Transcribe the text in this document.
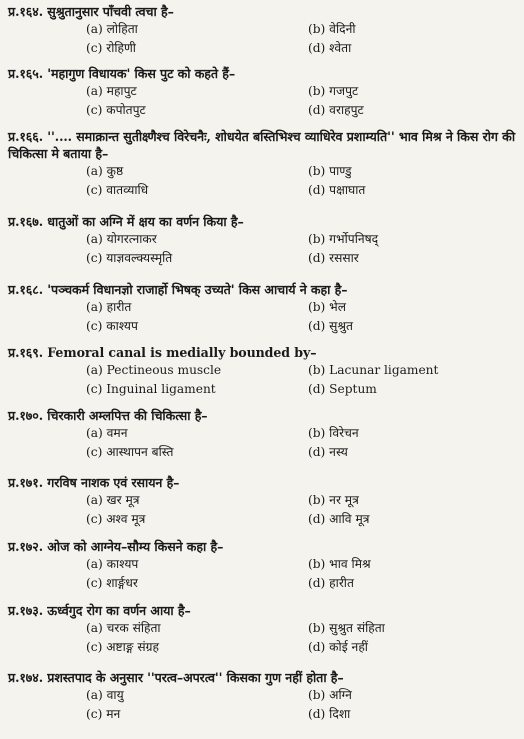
प्र.१६४. सुश्रुतानुसार पाँचवी त्वचा है–
(a) लोहिता	(b) वेदिनी
(c) रोहिणी	(d) श्वेता
प्र.१६५. 'महागुण विधायक' किस पुट को कहते हैं–
(a) महापुट	(b) गजपुट
(c) कपोतपुट	(d) वराहपुट
प्र.१६६. ''.... समाक्रान्त सुतीक्ष्णैश्च विरेचनैः, शोधयेत बस्तिभिश्च व्याधिरेव प्रशाम्यति'' भाव मिश्र ने किस रोग की चिकित्सा मे बताया है–
(a) कुष्ठ	(b) पाण्डु
(c) वातव्याधि	(d) पक्षाघात
प्र.१६७. धातुओं का अग्नि में क्षय का वर्णन किया है–
(a) योगरत्नाकर	(b) गर्भोपनिषद्
(c) याज्ञवल्क्यस्मृति	(d) रससार
प्र.१६८. 'पञ्चकर्म विधानज्ञो राजार्हो भिषक् उच्यते' किस आचार्य ने कहा है–
(a) हारीत	(b) भेल
(c) काश्यप	(d) सुश्रुत
प्र.१६९. Femoral canal is medially bounded by–
(a) Pectineous muscle	(b) Lacunar ligament
(c) Inguinal ligament	(d) Septum
प्र.१७०. चिरकारी अम्लपित्त की चिकित्सा है–
(a) वमन	(b) विरेचन
(c) आस्थापन बस्ति	(d) नस्य
प्र.१७१. गरविष नाशक एवं रसायन है–
(a) खर मूत्र	(b) नर मूत्र
(c) अश्व मूत्र	(d) आवि मूत्र
प्र.१७२. ओज को आग्नेय–सौम्य किसने कहा है–
(a) काश्यप	(b) भाव मिश्र
(c) शार्ङ्गधर	(d) हारीत
प्र.१७३. ऊर्ध्वगुद रोग का वर्णन आया है–
(a) चरक संहिता	(b) सुश्रुत संहिता
(c) अष्टाङ्ग संग्रह	(d) कोई नहीं
प्र.१७४. प्रशस्तपाद के अनुसार ''परत्व–अपरत्व'' किसका गुण नहीं होता है–
(a) वायु	(b) अग्नि
(c) मन	(d) दिशा
